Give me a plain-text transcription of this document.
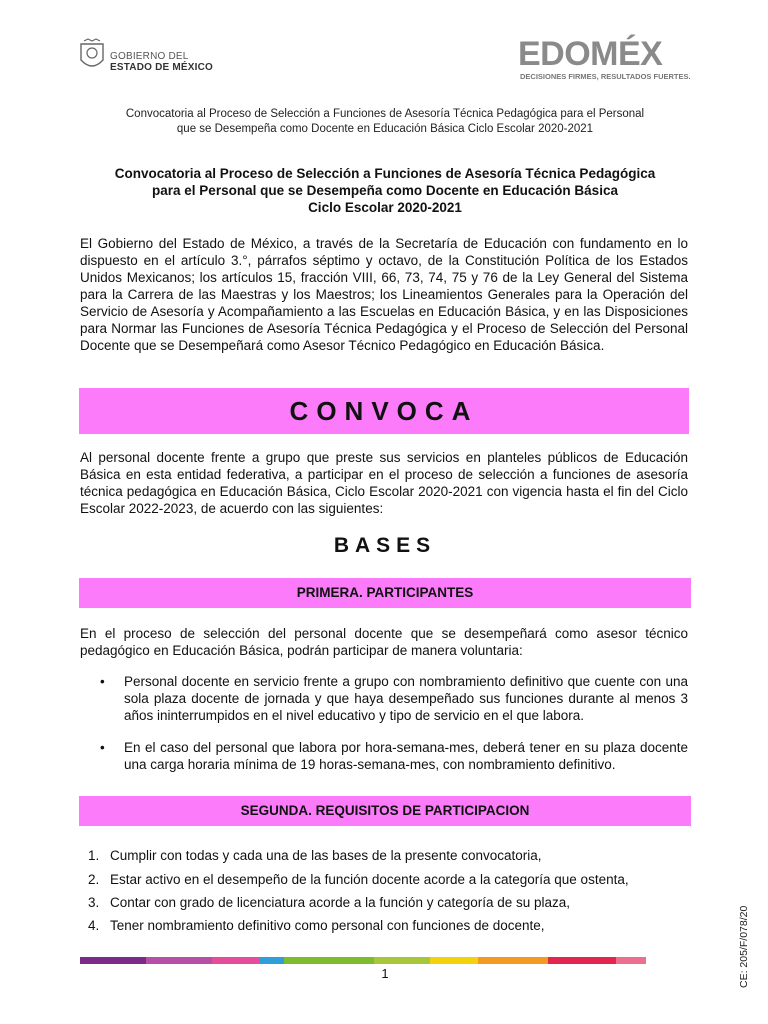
GOBIERNO DEL
ESTADO DE MÉXICO	EDOMÉX
DECISIONES FIRMES, RESULTADOS FUERTES.
Convocatoria al Proceso de Selección a Funciones de Asesoría Técnica Pedagógica para el Personal
que se Desempeña como Docente en Educación Básica Ciclo Escolar 2020-2021
Convocatoria al Proceso de Selección a Funciones de Asesoría Técnica Pedagógica
para el Personal que se Desempeña como Docente en Educación Básica
Ciclo Escolar 2020-2021
El Gobierno del Estado de México, a través de la Secretaría de Educación con fundamento en lo dispuesto en el artículo 3.°, párrafos séptimo y octavo, de la Constitución Política de los Estados Unidos Mexicanos; los artículos 15, fracción VIII, 66, 73, 74, 75 y 76 de la Ley General del Sistema para la Carrera de las Maestras y los Maestros; los Lineamientos Generales para la Operación del Servicio de Asesoría y Acompañamiento a las Escuelas en Educación Básica, y en las Disposiciones para Normar las Funciones de Asesoría Técnica Pedagógica y el Proceso de Selección del Personal Docente que se Desempeñará como Asesor Técnico Pedagógico en Educación Básica.
CONVOCA
Al personal docente frente a grupo que preste sus servicios en planteles públicos de Educación Básica en esta entidad federativa, a participar en el proceso de selección a funciones de asesoría técnica pedagógica en Educación Básica, Ciclo Escolar 2020-2021 con vigencia hasta el fin del Ciclo Escolar 2022-2023, de acuerdo con las siguientes:
BASES
PRIMERA. PARTICIPANTES
En el proceso de selección del personal docente que se desempeñará como asesor técnico pedagógico en Educación Básica, podrán participar de manera voluntaria:
•	Personal docente en servicio frente a grupo con nombramiento definitivo que cuente con una sola plaza docente de jornada y que haya desempeñado sus funciones durante al menos 3 años ininterrumpidos en el nivel educativo y tipo de servicio en el que labora.
•	En el caso del personal que labora por hora-semana-mes, deberá tener en su plaza docente una carga horaria mínima de 19 horas-semana-mes, con nombramiento definitivo.
SEGUNDA. REQUISITOS DE PARTICIPACION
1. Cumplir con todas y cada una de las bases de la presente convocatoria,
2. Estar activo en el desempeño de la función docente acorde a la categoría que ostenta,
3. Contar con grado de licenciatura acorde a la función y categoría de su plaza,
4. Tener nombramiento definitivo como personal con funciones de docente,
1	CE: 205/F/078/20
